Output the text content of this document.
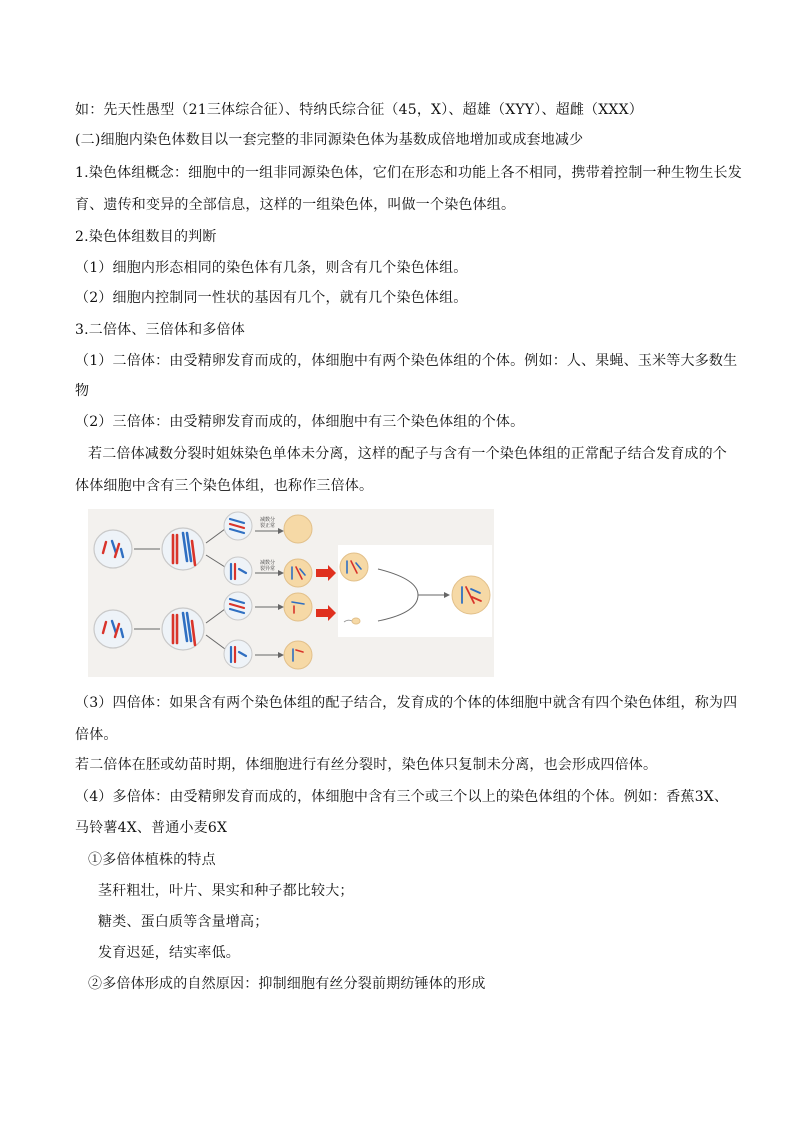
如：先天性愚型（21三体综合征）、特纳氏综合征（45，X）、超雄（XYY）、超雌（XXX）
(二)细胞内染色体数目以一套完整的非同源染色体为基数成倍地增加或成套地减少
1.染色体组概念：细胞中的一组非同源染色体，它们在形态和功能上各不相同，携带着控制一种生物生长发
育、遗传和变异的全部信息，这样的一组染色体，叫做一个染色体组。
2.染色体组数目的判断
（1）细胞内形态相同的染色体有几条，则含有几个染色体组。
（2）细胞内控制同一性状的基因有几个，就有几个染色体组。
3.二倍体、三倍体和多倍体
（1）二倍体：由受精卵发育而成的，体细胞中有两个染色体组的个体。例如：人、果蝇、玉米等大多数生
物
（2）三倍体：由受精卵发育而成的，体细胞中有三个染色体组的个体。
若二倍体减数分裂时姐妹染色单体未分离，这样的配子与含有一个染色体组的正常配子结合发育成的个
体体细胞中含有三个染色体组，也称作三倍体。
减数分
裂正常
减数分
裂异常
（3）四倍体：如果含有两个染色体组的配子结合，发育成的个体的体细胞中就含有四个染色体组，称为四
倍体。
若二倍体在胚或幼苗时期，体细胞进行有丝分裂时，染色体只复制未分离，也会形成四倍体。
（4）多倍体：由受精卵发育而成的，体细胞中含有三个或三个以上的染色体组的个体。例如：香蕉3X、
马铃薯4X、普通小麦6X
①多倍体植株的特点
茎秆粗壮，叶片、果实和种子都比较大；
糖类、蛋白质等含量增高；
发育迟延，结实率低。
②多倍体形成的自然原因：抑制细胞有丝分裂前期纺锤体的形成
